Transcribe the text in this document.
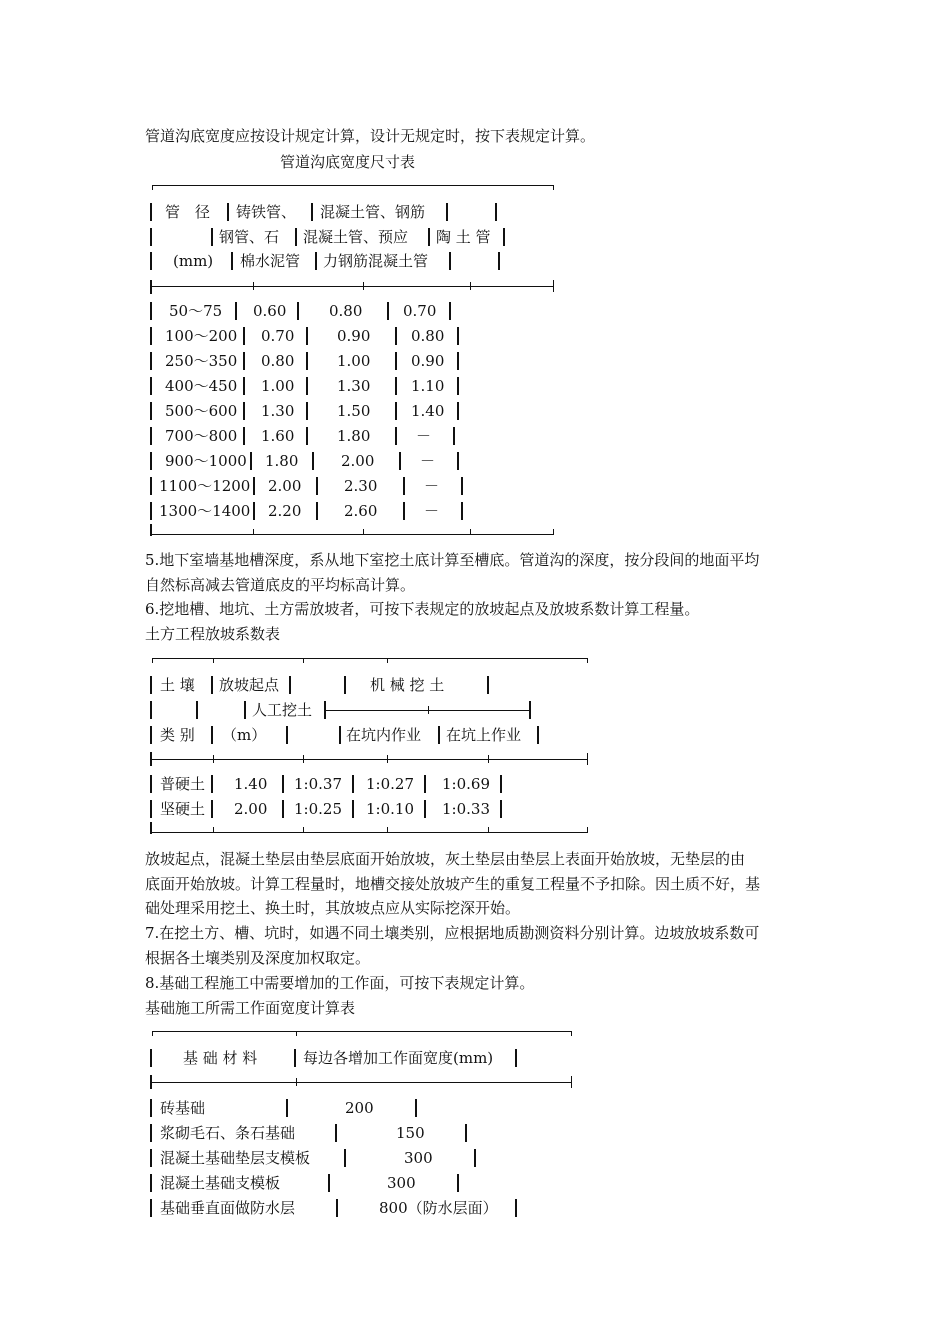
管道沟底宽度应按设计规定计算，设计无规定时，按下表规定计算。
管道沟底宽度尺寸表
管　径 铸铁管、 混凝土管、钢筋
钢管、石 混凝土管、预应 陶 土 管
(mm) 棉水泥管 力钢筋混凝土管
50～75 0.60	0.80	0.70
100～200 0.70	0.90	0.80
250～350 0.80	1.00	0.90
400～450 1.00	1.30	1.10
500～600 1.30	1.50	1.40
700～800 1.60	1.80	－
900～1000 1.80	2.00	－
1100～1200 2.00	2.30	－
1300～1400 2.20	2.60	－
5.地下室墙基地槽深度，系从地下室挖土底计算至槽底。管道沟的深度，按分段间的地面平均
自然标高减去管道底皮的平均标高计算。
6.挖地槽、地坑、土方需放坡者，可按下表规定的放坡起点及放坡系数计算工程量。
土方工程放坡系数表
土 壤 放坡起点	机 械 挖 土
人工挖土
类 别 （m）	在坑内作业 在坑上作业
普硬土 1.40 1:0.37 1:0.27 1:0.69
坚硬土 2.00 1:0.25 1:0.10 1:0.33
放坡起点，混凝土垫层由垫层底面开始放坡，灰土垫层由垫层上表面开始放坡，无垫层的由
底面开始放坡。计算工程量时，地槽交接处放坡产生的重复工程量不予扣除。因土质不好，基
础处理采用挖土、换土时，其放坡点应从实际挖深开始。
7.在挖土方、槽、坑时，如遇不同土壤类别，应根据地质勘测资料分别计算。边坡放坡系数可
根据各土壤类别及深度加权取定。
8.基础工程施工中需要增加的工作面，可按下表规定计算。
基础施工所需工作面宽度计算表
基 础 材 料	每边各增加工作面宽度(mm)
砖基础	200
浆砌毛石、条石基础	150
混凝土基础垫层支模板	300
混凝土基础支模板	300
基础垂直面做防水层	800（防水层面）
